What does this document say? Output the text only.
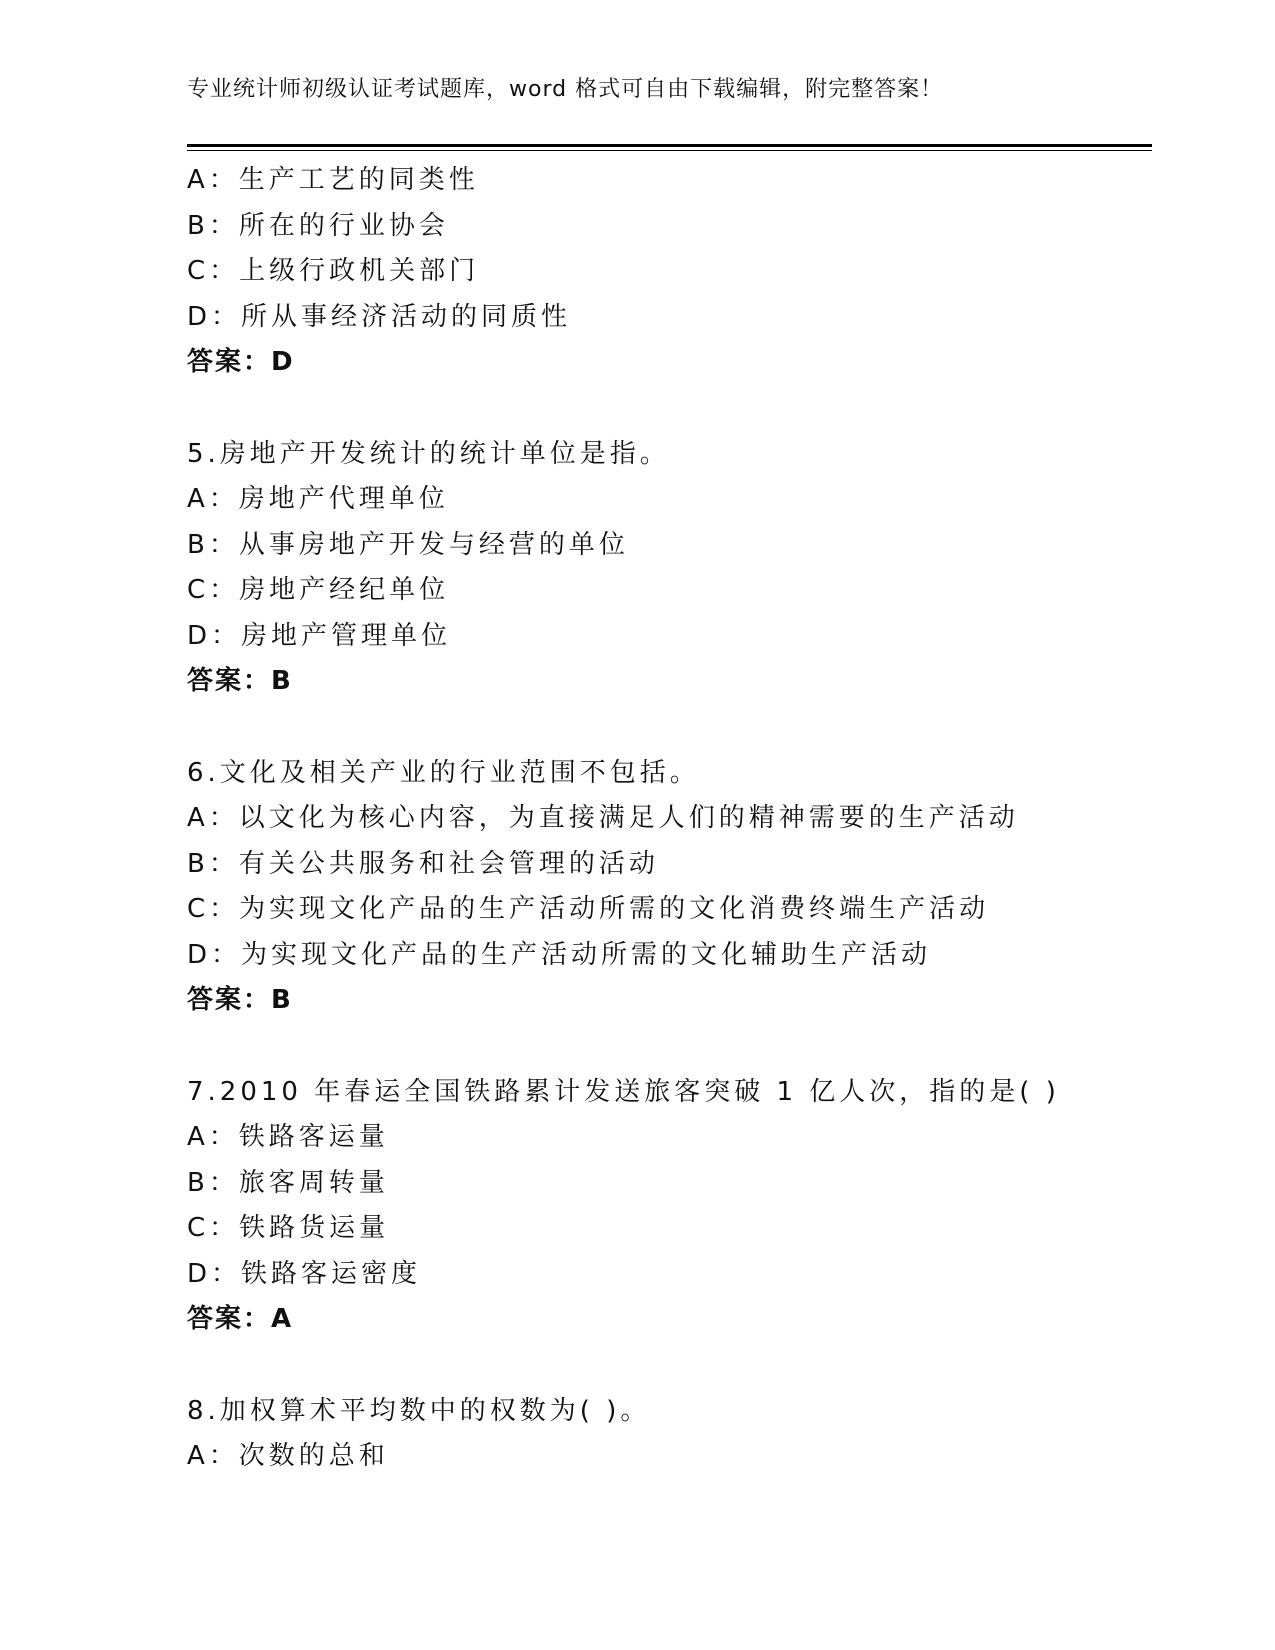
专业统计师初级认证考试题库，word 格式可自由下载编辑，附完整答案！
A：生产工艺的同类性
B：所在的行业协会
C：上级行政机关部门
D：所从事经济活动的同质性
答案：D
5.房地产开发统计的统计单位是指。
A：房地产代理单位
B：从事房地产开发与经营的单位
C：房地产经纪单位
D：房地产管理单位
答案：B
6.文化及相关产业的行业范围不包括。
A：以文化为核心内容，为直接满足人们的精神需要的生产活动
B：有关公共服务和社会管理的活动
C：为实现文化产品的生产活动所需的文化消费终端生产活动
D：为实现文化产品的生产活动所需的文化辅助生产活动
答案：B
7.2010 年春运全国铁路累计发送旅客突破 1 亿人次，指的是( )
A：铁路客运量
B：旅客周转量
C：铁路货运量
D：铁路客运密度
答案：A
8.加权算术平均数中的权数为( )。
A：次数的总和
